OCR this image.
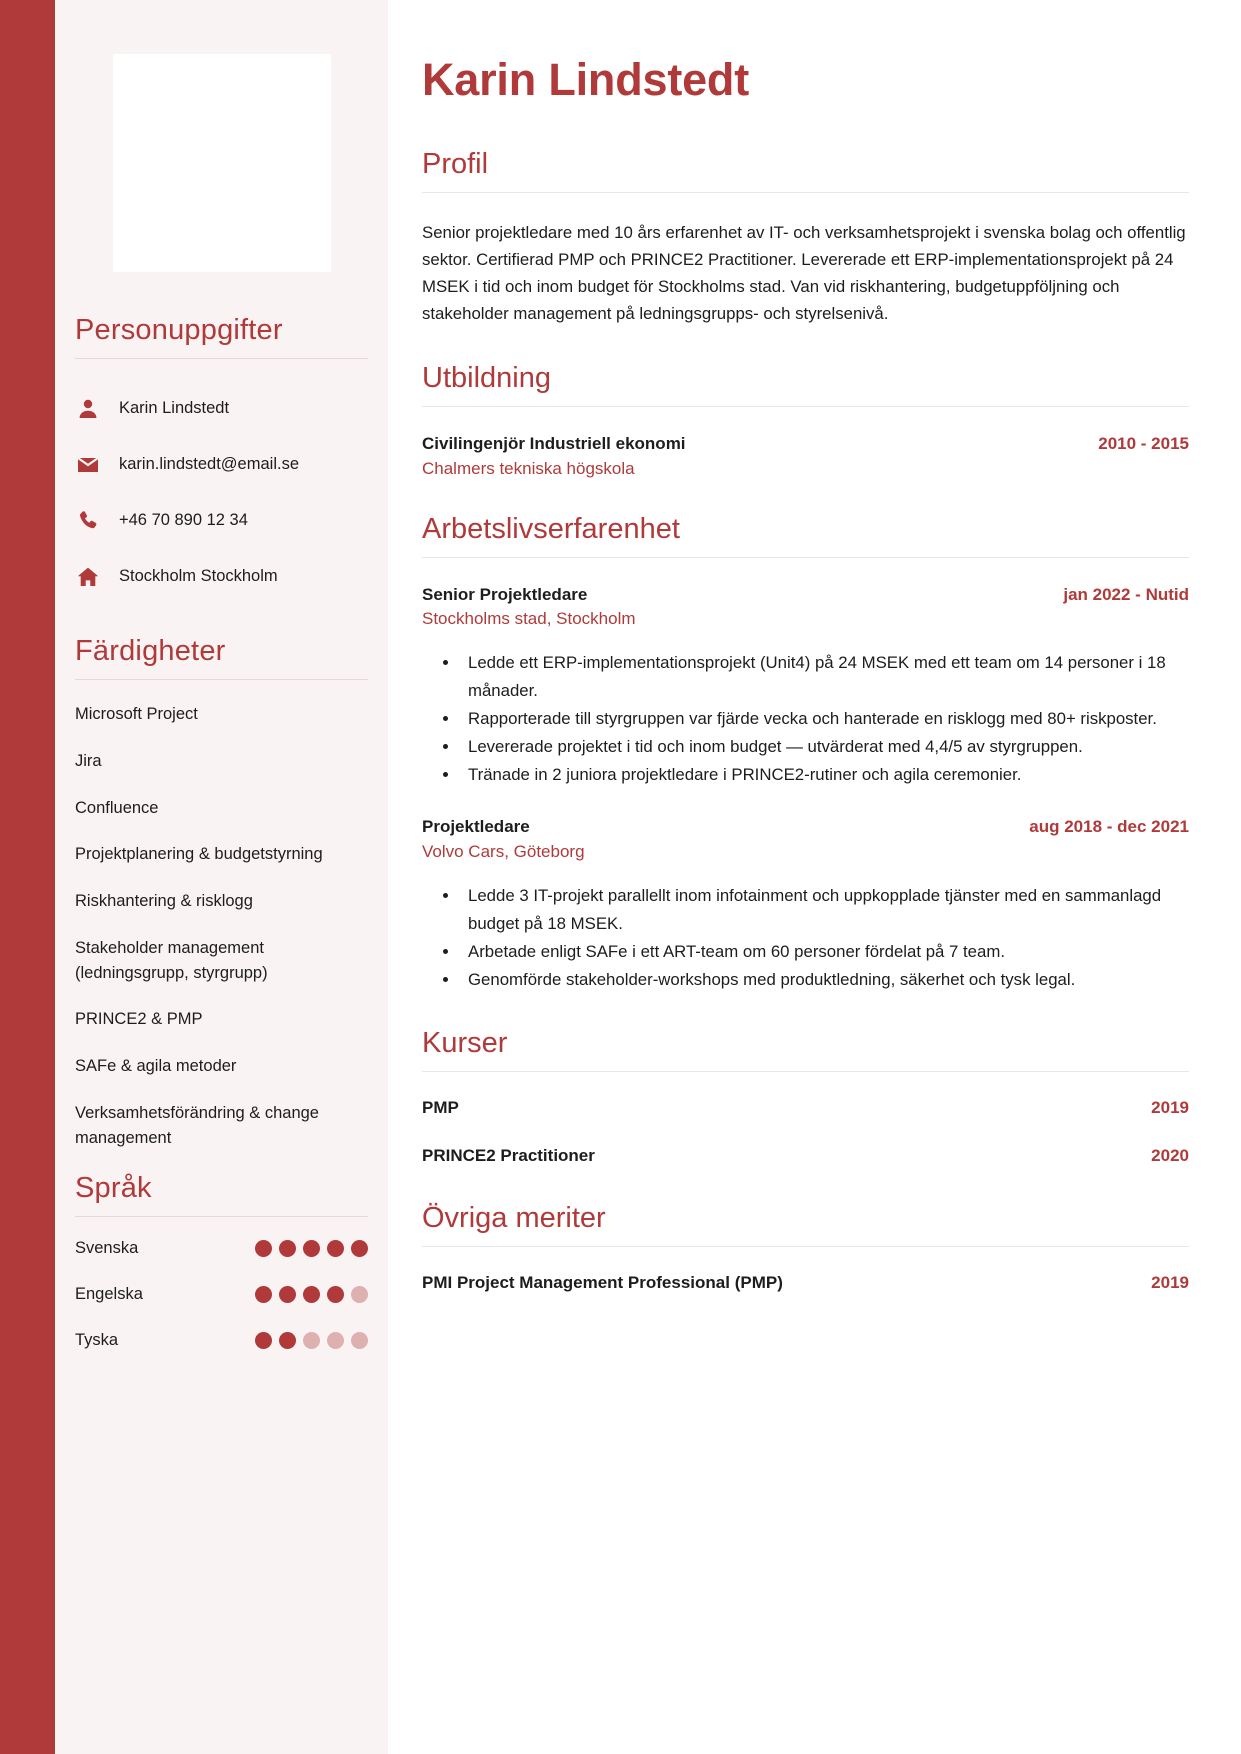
Personuppgifter
Karin Lindstedt
karin.lindstedt@email.se
+46 70 890 12 34
Stockholm Stockholm
Färdigheter
Microsoft Project
Jira
Confluence
Projektplanering & budgetstyrning
Riskhantering & risklogg
Stakeholder management (ledningsgrupp, styrgrupp)
PRINCE2 & PMP
SAFe & agila metoder
Verksamhetsförändring & change management
Språk
Svenska
Engelska
Tyska
Karin Lindstedt
Profil

Senior projektledare med 10 års erfarenhet av IT- och verksamhetsprojekt i svenska bolag och offentlig sektor. Certifierad PMP och PRINCE2 Practitioner. Levererade ett ERP-implementationsprojekt på 24 MSEK i tid och inom budget för Stockholms stad. Van vid riskhantering, budgetuppföljning och stakeholder management på ledningsgrupps- och styrelsenivå.

Utbildning
Civilingenjör Industriell ekonomi	2010 - 2015
Chalmers tekniska högskola
Arbetslivserfarenhet
Senior Projektledare	jan 2022 - Nutid
Stockholms stad, Stockholm
• Ledde ett ERP-implementationsprojekt (Unit4) på 24 MSEK med ett team om 14 personer i 18 månader.
• Rapporterade till styrgruppen var fjärde vecka och hanterade en risklogg med 80+ riskposter.
• Levererade projektet i tid och inom budget — utvärderat med 4,4/5 av styrgruppen.
• Tränade in 2 juniora projektledare i PRINCE2-rutiner och agila ceremonier.
Projektledare	aug 2018 - dec 2021
Volvo Cars, Göteborg
• Ledde 3 IT-projekt parallellt inom infotainment och uppkopplade tjänster med en sammanlagd budget på 18 MSEK.
• Arbetade enligt SAFe i ett ART-team om 60 personer fördelat på 7 team.
• Genomförde stakeholder-workshops med produktledning, säkerhet och tysk legal.
Kurser
PMP	2019
PRINCE2 Practitioner	2020
Övriga meriter
PMI Project Management Professional (PMP)	2019
